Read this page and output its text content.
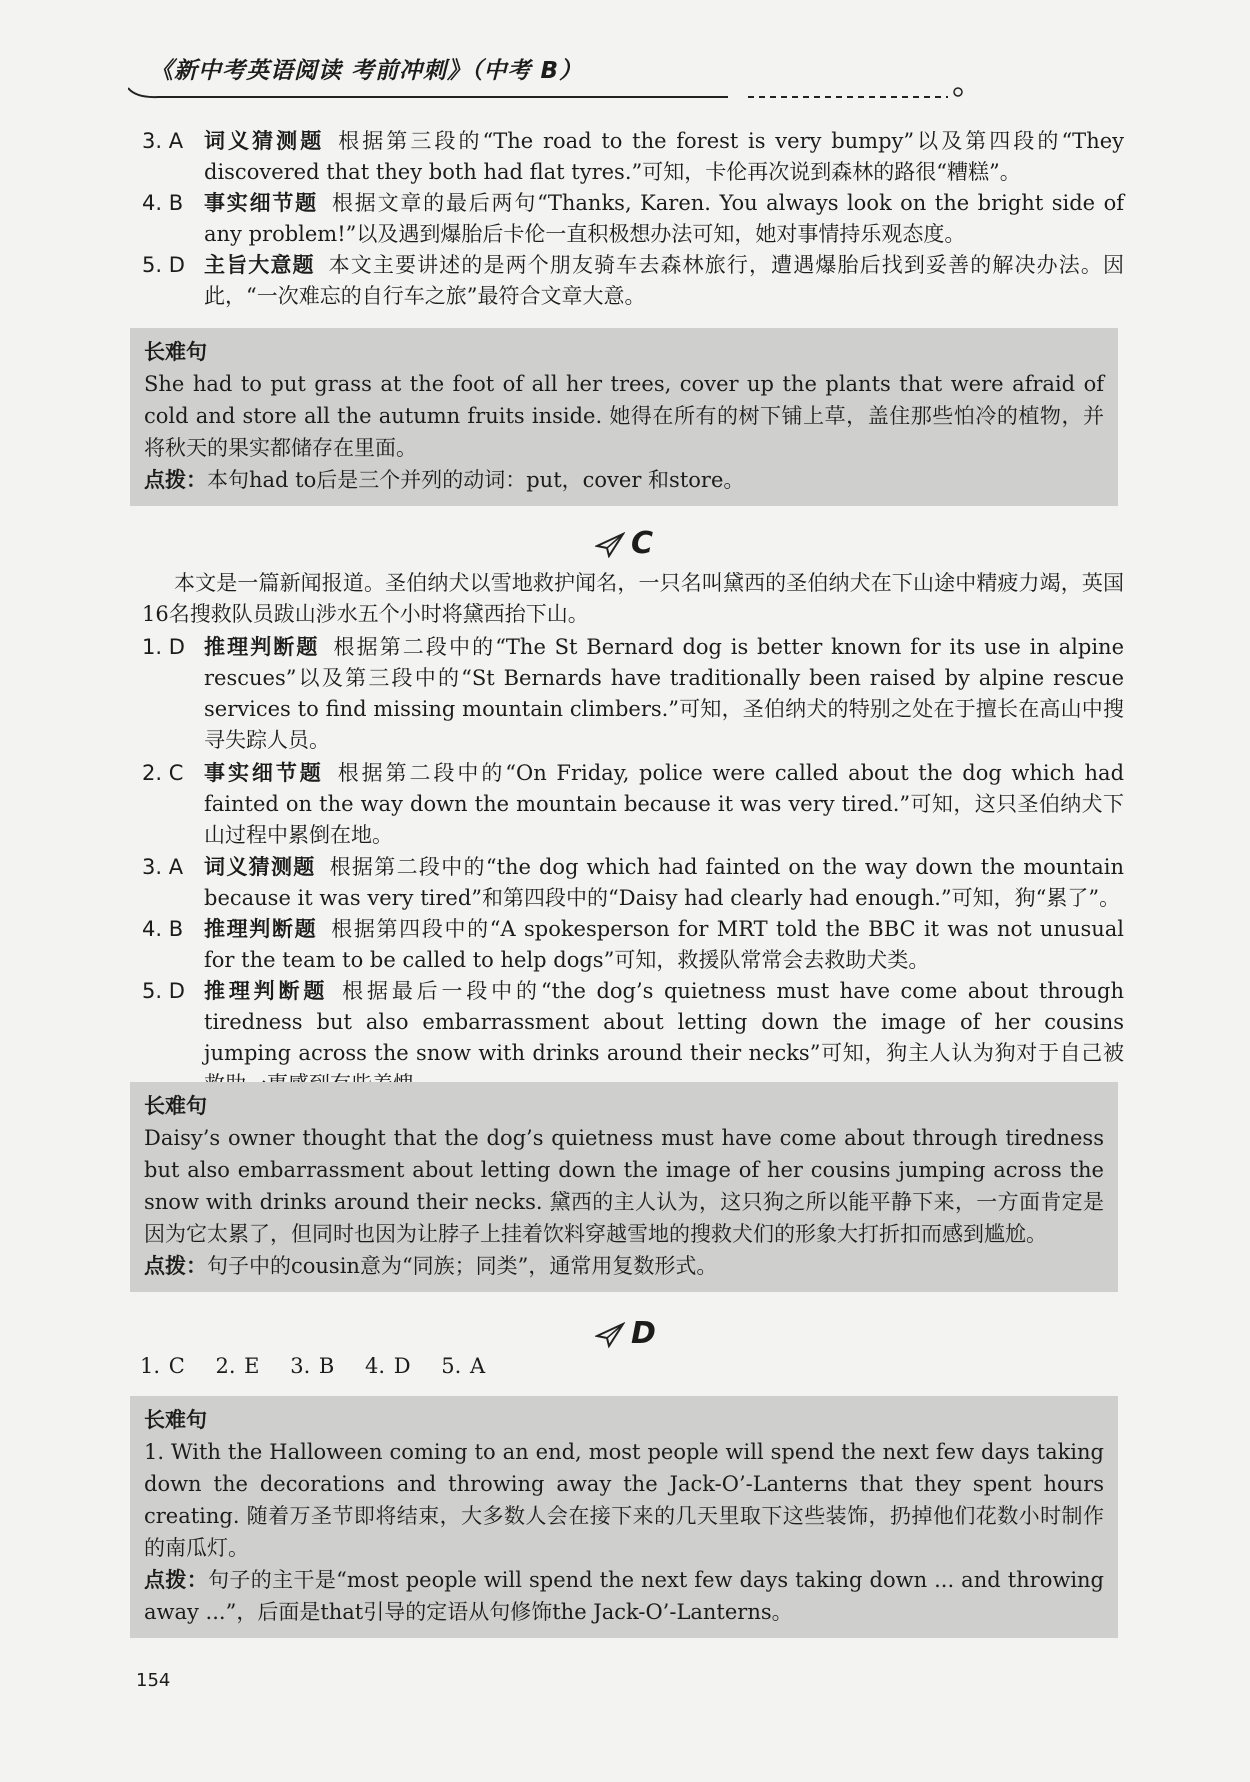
《新中考英语阅读 考前冲刺》（中考 B）
3. A 词义猜测题 根据第三段的“The road to the forest is very bumpy”以及第四段的“They discovered that they both had flat tyres.”可知，卡伦再次说到森林的路很“糟糕”。
4. B 事实细节题 根据文章的最后两句“Thanks, Karen. You always look on the bright side of any problem!”以及遇到爆胎后卡伦一直积极想办法可知，她对事情持乐观态度。
5. D 主旨大意题 本文主要讲述的是两个朋友骑车去森林旅行，遭遇爆胎后找到妥善的解决办法。因此，“一次难忘的自行车之旅”最符合文章大意。
长难句

She had to put grass at the foot of all her trees, cover up the plants that were afraid of cold and store all the autumn fruits inside. 她得在所有的树下铺上草，盖住那些怕冷的植物，并将秋天的果实都储存在里面。

点拨：本句had to后是三个并列的动词：put，cover 和store。

C
本文是一篇新闻报道。圣伯纳犬以雪地救护闻名，一只名叫黛西的圣伯纳犬在下山途中精疲力竭，英国16名搜救队员跋山涉水五个小时将黛西抬下山。
1. D 推理判断题 根据第二段中的“The St Bernard dog is better known for its use in alpine rescues”以及第三段中的“St Bernards have traditionally been raised by alpine rescue services to find missing mountain climbers.”可知，圣伯纳犬的特别之处在于擅长在高山中搜寻失踪人员。
2. C 事实细节题 根据第二段中的“On Friday, police were called about the dog which had fainted on the way down the mountain because it was very tired.”可知，这只圣伯纳犬下山过程中累倒在地。
3. A 词义猜测题 根据第二段中的“the dog which had fainted on the way down the mountain because it was very tired”和第四段中的“Daisy had clearly had enough.”可知，狗“累了”。
4. B 推理判断题 根据第四段中的“A spokesperson for MRT told the BBC it was not unusual for the team to be called to help dogs”可知，救援队常常会去救助犬类。
5. D 推理判断题 根据最后一段中的“the dog’s quietness must have come about through tiredness but also embarrassment about letting down the image of her cousins jumping across the snow with drinks around their necks”可知，狗主人认为狗对于自己被
长难句

Daisy’s owner thought that the dog’s quietness must have come about through tiredness but also embarrassment about letting down the image of her cousins jumping across the snow with drinks around their necks. 黛西的主人认为，这只狗之所以能平静下来，一方面肯定是因为它太累了，但同时也因为让脖子上挂着饮料穿越雪地的搜救犬们的形象大打折扣而感到尴尬。

点拨：句子中的cousin意为“同族；同类”，通常用复数形式。

D
1. C 2. E 3. B 4. D 5. A
长难句

1. With the Halloween coming to an end, most people will spend the next few days taking down the decorations and throwing away the Jack-O’-Lanterns that they spent hours creating. 随着万圣节即将结束，大多数人会在接下来的几天里取下这些装饰，扔掉他们花数小时制作的南瓜灯。

点拨：句子的主干是“most people will spend the next few days taking down ... and throwing away ...”，后面是that引导的定语从句修饰the Jack-O’-Lanterns。

154
